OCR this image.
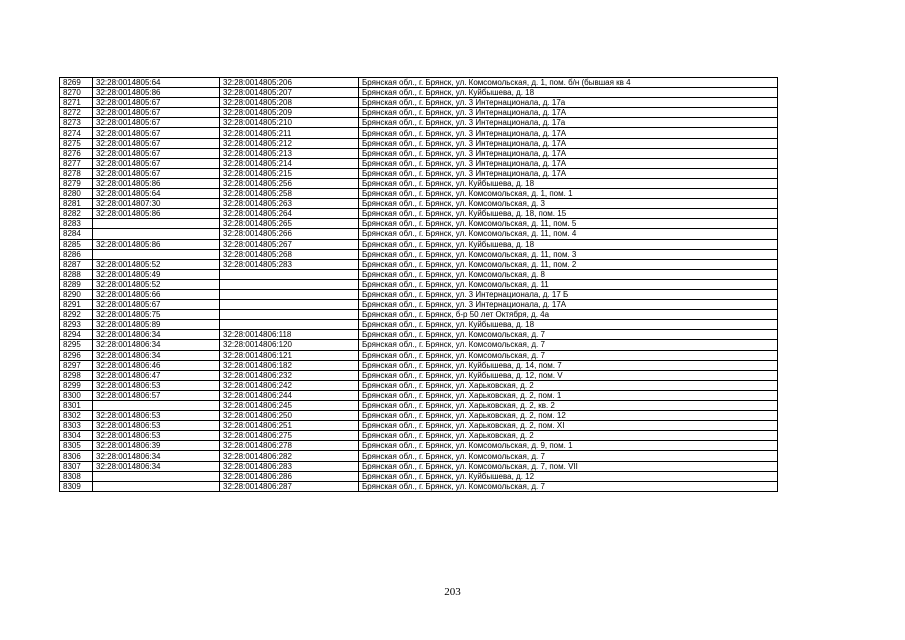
8269	32:28:0014805:64	32:28:0014805:206	Брянская обл., г. Брянск, ул. Комсомольская, д. 1, пом. б/н (бывшая кв 4
8270	32:28:0014805:86	32:28:0014805:207	Брянская обл., г. Брянск, ул. Куйбышева, д. 18
8271	32:28:0014805:67	32:28:0014805:208	Брянская обл., г. Брянск, ул. 3 Интернационала, д. 17а
8272	32:28:0014805:67	32:28:0014805:209	Брянская обл., г. Брянск, ул. 3 Интернационала, д. 17А
8273	32:28:0014805:67	32:28:0014805:210	Брянская обл., г. Брянск, ул. 3 Интернационала, д. 17а
8274	32:28:0014805:67	32:28:0014805:211	Брянская обл., г. Брянск, ул. 3 Интернационала, д. 17А
8275	32:28:0014805:67	32:28:0014805:212	Брянская обл., г. Брянск, ул. 3 Интернационала, д. 17А
8276	32:28:0014805:67	32:28:0014805:213	Брянская обл., г. Брянск, ул. 3 Интернационала, д. 17А
8277	32:28:0014805:67	32:28:0014805:214	Брянская обл., г. Брянск, ул. 3 Интернационала, д. 17А
8278	32:28:0014805:67	32:28:0014805:215	Брянская обл., г. Брянск, ул. 3 Интернационала, д. 17А
8279	32:28:0014805:86	32:28:0014805:256	Брянская обл., г. Брянск, ул. Куйбышева, д. 18
8280	32:28:0014805:64	32:28:0014805:258	Брянская обл., г. Брянск, ул. Комсомольская, д. 1, пом. 1
8281	32:28:0014807:30	32:28:0014805:263	Брянская обл., г. Брянск, ул. Комсомольская, д. 3
8282	32:28:0014805:86	32:28:0014805:264	Брянская обл., г. Брянск, ул. Куйбышева, д. 18, пом. 15
8283		32:28:0014805:265	Брянская обл., г. Брянск, ул. Комсомольская, д. 11, пом. 5
8284		32:28:0014805:266	Брянская обл., г. Брянск, ул. Комсомольская, д. 11, пом. 4
8285	32:28:0014805:86	32:28:0014805:267	Брянская обл., г. Брянск, ул. Куйбышева, д. 18
8286		32:28:0014805:268	Брянская обл., г. Брянск, ул. Комсомольская, д. 11, пом. 3
8287	32:28:0014805:52	32:28:0014805:283	Брянская обл., г. Брянск, ул. Комсомольская, д. 11, пом. 2
8288	32:28:0014805:49		Брянская обл., г. Брянск, ул. Комсомольская, д. 8
8289	32:28:0014805:52		Брянская обл., г. Брянск, ул. Комсомольская, д. 11
8290	32:28:0014805:66		Брянская обл., г. Брянск, ул. 3 Интернационала, д. 17 Б
8291	32:28:0014805:67		Брянская обл., г. Брянск, ул. 3 Интернационала, д. 17А
8292	32:28:0014805:75		Брянская обл., г. Брянск, б-р 50 лет Октября, д. 4а
8293	32:28:0014805:89		Брянская обл., г. Брянск, ул. Куйбышева, д. 18
8294	32:28:0014806:34	32:28:0014806:118	Брянская обл., г. Брянск, ул. Комсомольская, д. 7
8295	32:28:0014806:34	32:28:0014806:120	Брянская обл., г. Брянск, ул. Комсомольская, д. 7
8296	32:28:0014806:34	32:28:0014806:121	Брянская обл., г. Брянск, ул. Комсомольская, д. 7
8297	32:28:0014806:46	32:28:0014806:182	Брянская обл., г. Брянск, ул. Куйбышева, д. 14, пом. 7
8298	32:28:0014806:47	32:28:0014806:232	Брянская обл., г. Брянск, ул. Куйбышева, д. 12, пом. V
8299	32:28:0014806:53	32:28:0014806:242	Брянская обл., г. Брянск, ул. Харьковская, д. 2
8300	32:28:0014806:57	32:28:0014806:244	Брянская обл., г. Брянск, ул. Харьковская, д. 2, пом. 1
8301		32:28:0014806:245	Брянская обл., г. Брянск, ул. Харьковская, д. 2, кв. 2
8302	32:28:0014806:53	32:28:0014806:250	Брянская обл., г. Брянск, ул. Харьковская, д. 2, пом. 12
8303	32:28:0014806:53	32:28:0014806:251	Брянская обл., г. Брянск, ул. Харьковская, д. 2, пом. XI
8304	32:28:0014806:53	32:28:0014806:275	Брянская обл., г. Брянск, ул. Харьковская, д. 2
8305	32:28:0014806:39	32:28:0014806:278	Брянская обл., г. Брянск, ул. Комсомольская, д. 9, пом. 1
8306	32:28:0014806:34	32:28:0014806:282	Брянская обл., г. Брянск, ул. Комсомольская, д. 7
8307	32:28:0014806:34	32:28:0014806:283	Брянская обл., г. Брянск, ул. Комсомольская, д. 7, пом. VII
8308		32:28:0014806:286	Брянская обл., г. Брянск, ул. Куйбышева, д. 12
8309		32:28:0014806:287	Брянская обл., г. Брянск, ул. Комсомольская, д. 7
203
